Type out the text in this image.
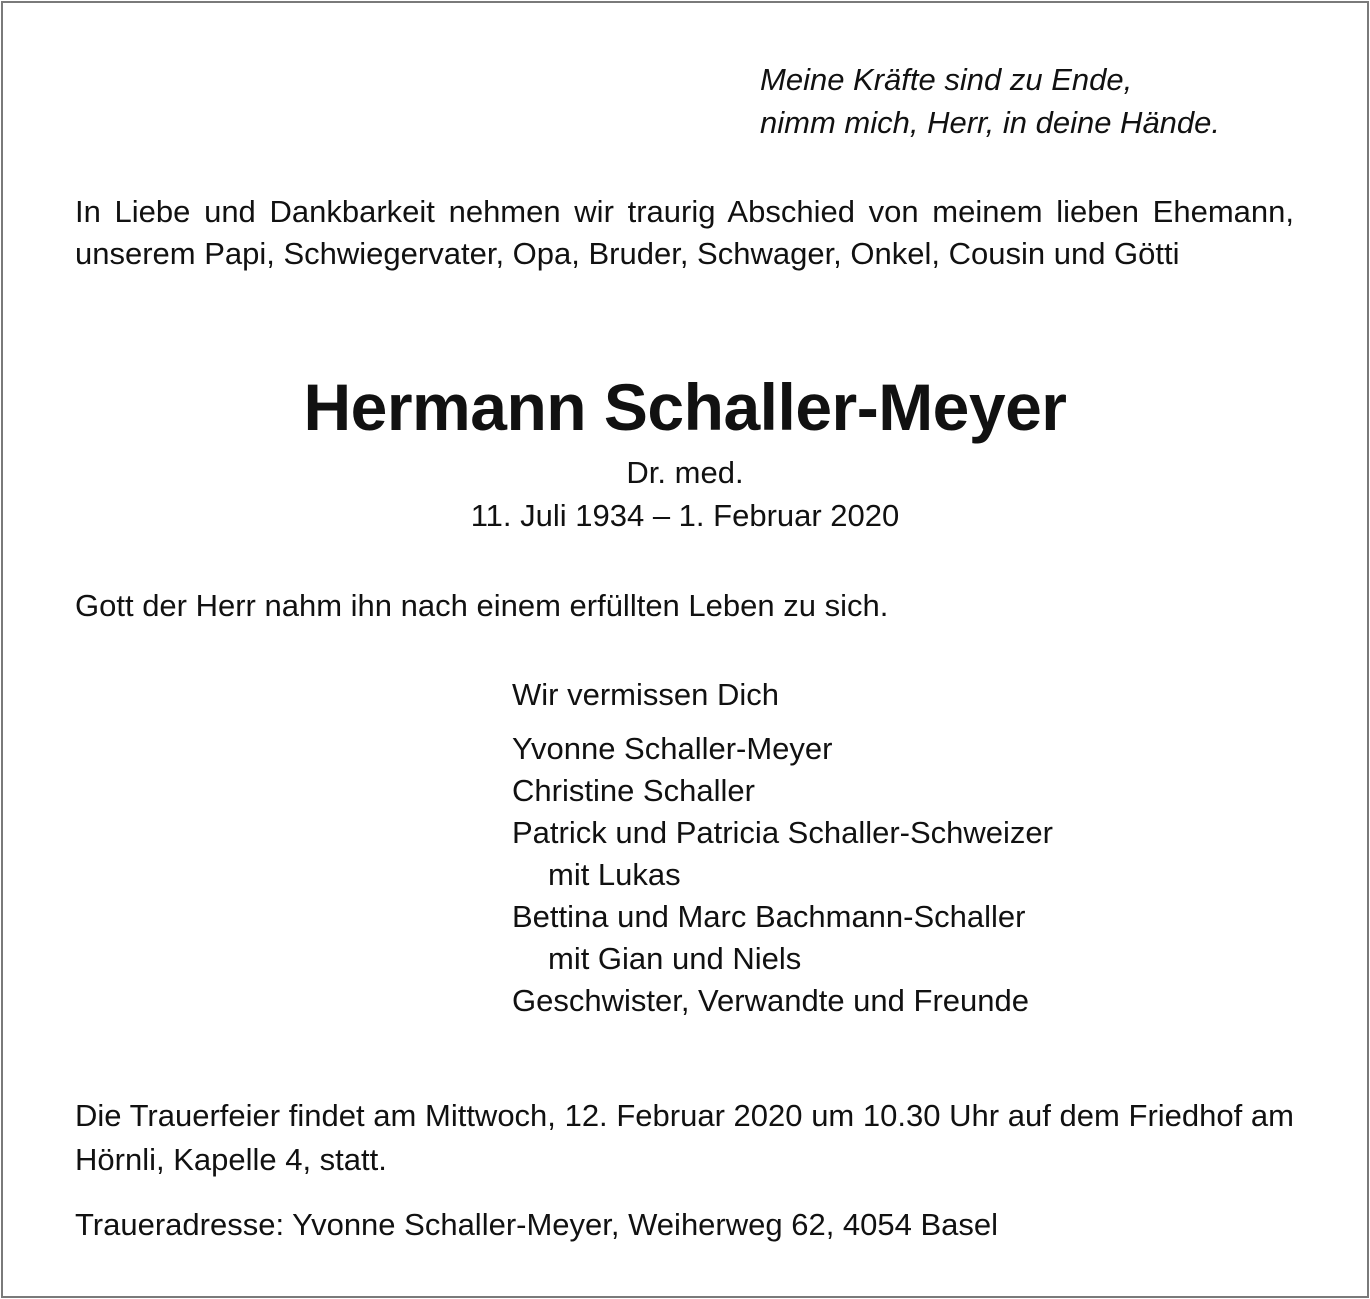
Meine Kräfte sind zu Ende,
nimm mich, Herr, in deine Hände.
In Liebe und Dankbarkeit nehmen wir traurig Abschied von meinem lieben Ehemann, unserem Papi, Schwiegervater, Opa, Bruder, Schwager, Onkel, Cousin und Götti
Hermann Schaller-Meyer
Dr. med.
11. Juli 1934 – 1. Februar 2020
Gott der Herr nahm ihn nach einem erfüllten Leben zu sich.
Wir vermissen Dich
Yvonne Schaller-Meyer
Christine Schaller
Patrick und Patricia Schaller-Schweizer
mit Lukas
Bettina und Marc Bachmann-Schaller
mit Gian und Niels
Geschwister, Verwandte und Freunde
Die Trauerfeier findet am Mittwoch, 12. Februar 2020 um 10.30 Uhr auf dem Friedhof am Hörnli, Kapelle 4, statt.
Traueradresse: Yvonne Schaller-Meyer, Weiherweg 62, 4054 Basel
